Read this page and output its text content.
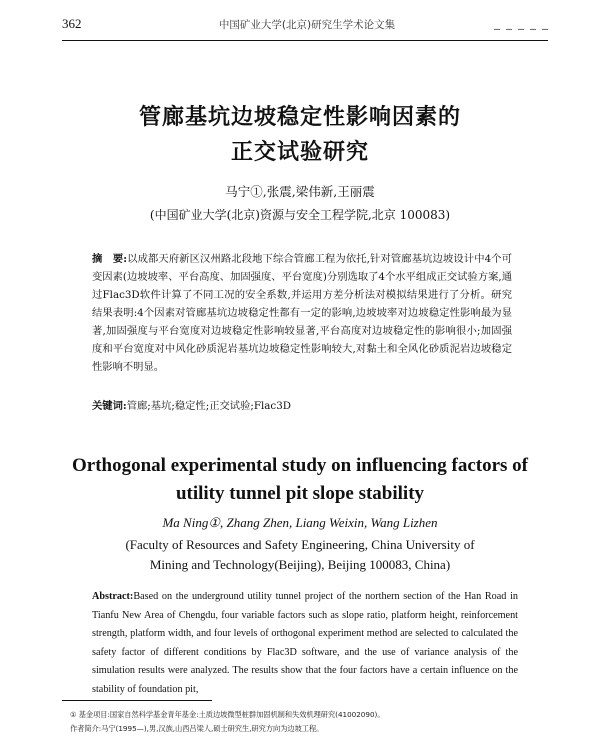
362	中国矿业大学(北京)研究生学术论文集	— — — — —
管廊基坑边坡稳定性影响因素的
正交试验研究
马宁①,张震,梁伟新,王丽震
(中国矿业大学(北京)资源与安全工程学院,北京 100083)
摘　要:以成都天府新区汉州路北段地下综合管廊工程为依托,针对管廊基坑边坡设计中4个可变因素(边坡坡率、平台高度、加固强度、平台宽度)分别选取了4个水平组成正交试验方案,通过Flac3D软件计算了不同工况的安全系数,并运用方差分析法对模拟结果进行了分析。研究结果表明:4个因素对管廊基坑边坡稳定性都有一定的影响,边坡坡率对边坡稳定性影响最为显著,加固强度与平台宽度对边坡稳定性影响较显著,平台高度对边坡稳定性的影响很小;加固强度和平台宽度对中风化砂质泥岩基坑边坡稳定性影响较大,对黏土和全风化砂质泥岩边坡稳定性影响不明显。
关键词:管廊;基坑;稳定性;正交试验;Flac3D
Orthogonal experimental study on influencing factors of
utility tunnel pit slope stability
Ma Ning①, Zhang Zhen, Liang Weixin, Wang Lizhen
(Faculty of Resources and Safety Engineering, China University of
Mining and Technology(Beijing), Beijing 100083, China)
Abstract:Based on the underground utility tunnel project of the northern section of the Han Road in Tianfu New Area of Chengdu, four variable factors such as slope ratio, platform height, reinforcement strength, platform width, and four levels of orthogonal experiment method are selected to calculated the safety factor of different conditions by Flac3D software, and the use of variance analysis of the simulation results were analyzed. The results show that the four factors have a certain influence on the stability of foundation pit,
① 基金项目:国家自然科学基金青年基金:土质边坡微型桩群加固机制和失效机理研究(41002090)。
作者简介:马宁(1995—),男,汉族,山西吕梁人,硕士研究生,研究方向为边坡工程。
